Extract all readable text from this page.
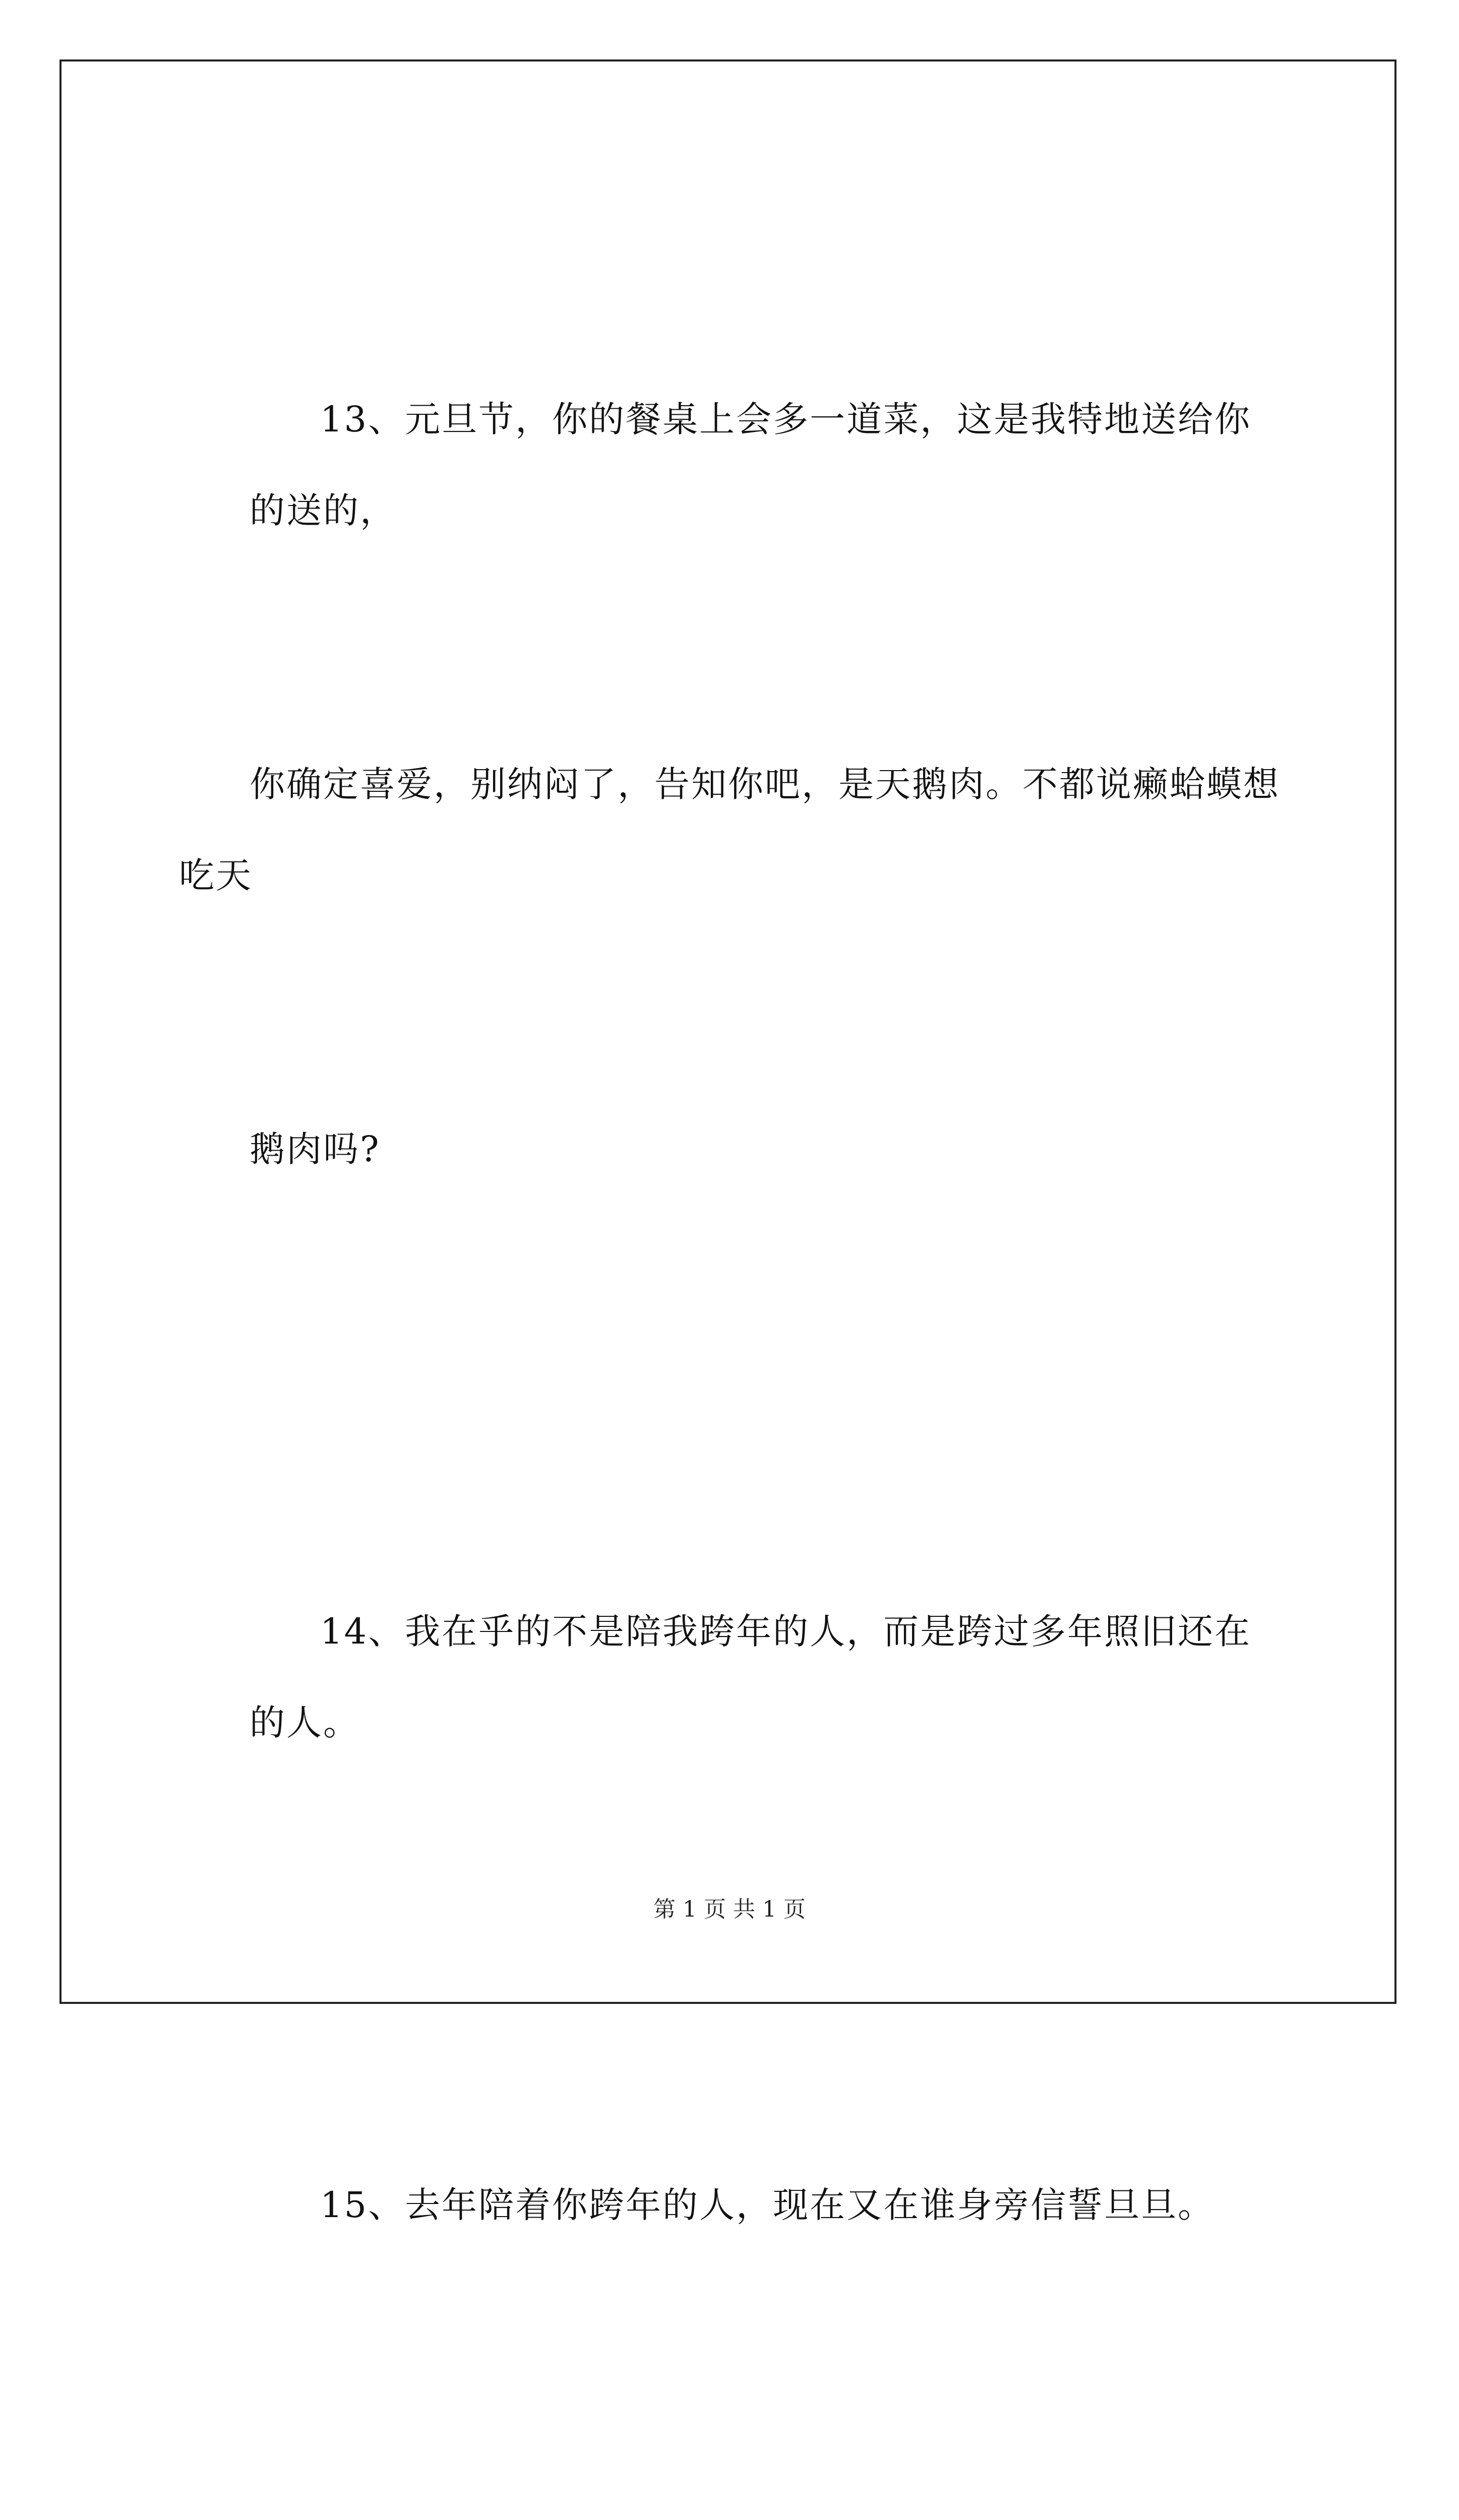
13、元旦节，你的餐桌上会多一道菜，这是我特地送给你的送的，

你确定喜爱，别纳闷了，告知你吧，是天鹅肉。不都说癞蛤蟆想吃天

鹅肉吗?

14、我在乎的不是陪我跨年的人，而是跨过多年照旧还在的人。

15、去年陪着你跨年的人，现在又在谁身旁信誓旦旦。

第 1 页 共 1 页
